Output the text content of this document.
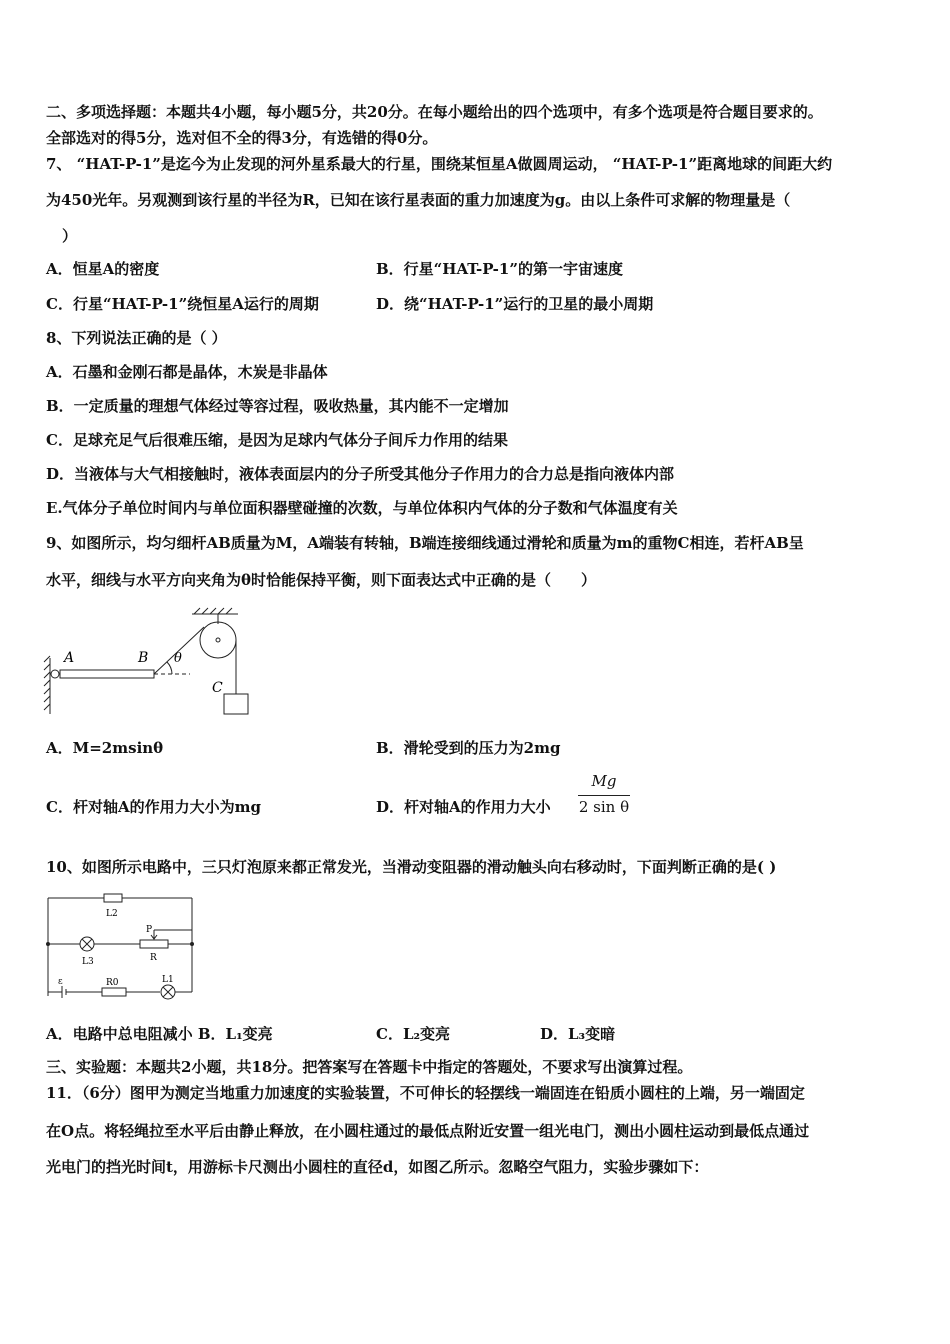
二、多项选择题：本题共4小题，每小题5分，共20分。在每小题给出的四个选项中，有多个选项是符合题目要求的。
全部选对的得5分，选对但不全的得3分，有选错的得0分。
7、 “HAT-P-1”是迄今为止发现的河外星系最大的行星，围绕某恒星A做圆周运动， “HAT-P-1”距离地球的间距大约
为450光年。另观测到该行星的半径为R，已知在该行星表面的重力加速度为g。由以上条件可求解的物理量是（
）
A．恒星A的密度	B．行星“HAT-P-1”的第一宇宙速度
C．行星“HAT-P-1”绕恒星A运行的周期	D．绕“HAT-P-1”运行的卫星的最小周期
8、下列说法正确的是（ ）
A．石墨和金刚石都是晶体，木炭是非晶体
B．一定质量的理想气体经过等容过程，吸收热量，其内能不一定增加
C．足球充足气后很难压缩，是因为足球内气体分子间斥力作用的结果
D．当液体与大气相接触时，液体表面层内的分子所受其他分子作用力的合力总是指向液体内部
E.气体分子单位时间内与单位面积器壁碰撞的次数，与单位体积内气体的分子数和气体温度有关
9、如图所示，均匀细杆AB质量为M，A端装有转轴，B端连接细线通过滑轮和质量为m的重物C相连，若杆AB呈
水平，细线与水平方向夹角为θ时恰能保持平衡，则下面表达式中正确的是（　　）
A	B θ
C
A．M=2msinθ	B．滑轮受到的压力为2mg
C．杆对轴A的作用力大小为mg	D．杆对轴A的作用力大小
Mg
2 sin θ
10、如图所示电路中，三只灯泡原来都正常发光，当滑动变阻器的滑动触头向右移动时，下面判断正确的是( )
L2
P
R
L3
ε	R0	L1
A．电路中总电阻减小 B．L₁变亮	C．L₂变亮	D．L₃变暗
三、实验题：本题共2小题，共18分。把答案写在答题卡中指定的答题处，不要求写出演算过程。
11．（6分）图甲为测定当地重力加速度的实验装置，不可伸长的轻摆线一端固连在铅质小圆柱的上端，另一端固定
在O点。将轻绳拉至水平后由静止释放，在小圆柱通过的最低点附近安置一组光电门，测出小圆柱运动到最低点通过
光电门的挡光时间t，用游标卡尺测出小圆柱的直径d，如图乙所示。忽略空气阻力，实验步骤如下：
